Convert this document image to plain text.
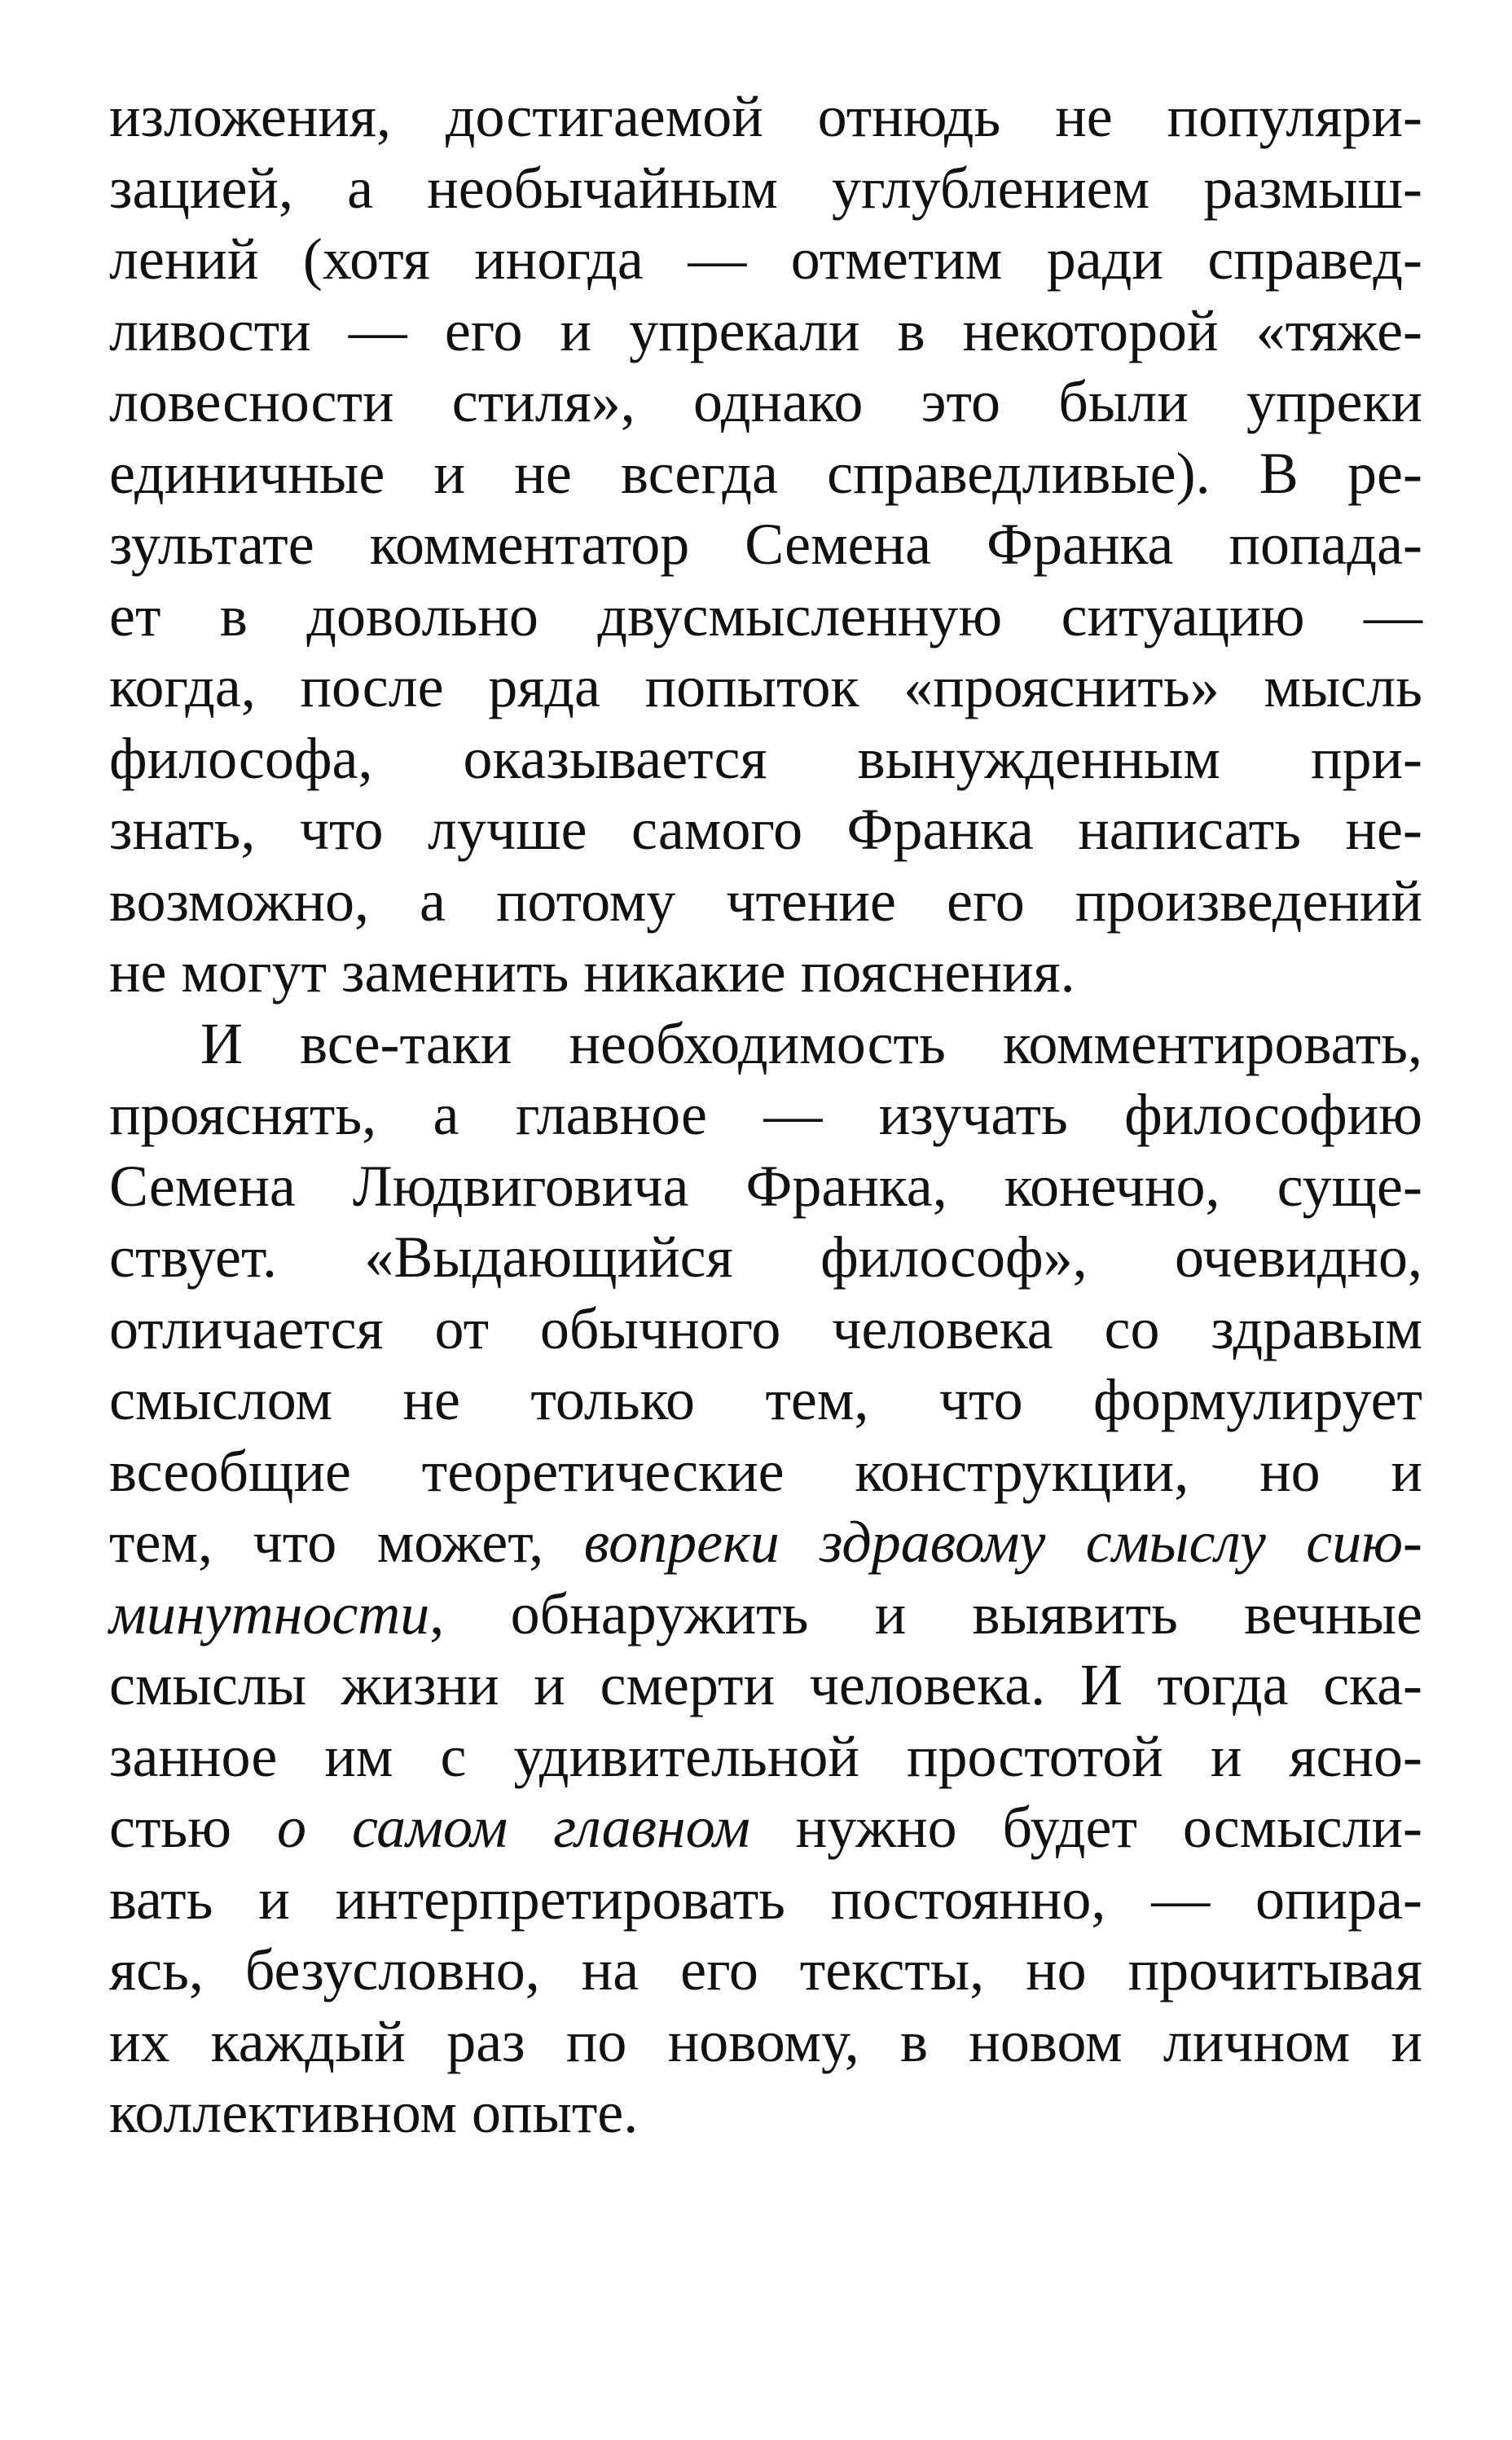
изложения, достигаемой отнюдь не популяри-
зацией, а необычайным углублением размыш-
лений (хотя иногда — отметим ради справед-
ливости — его и упрекали в некоторой «тяже-
ловесности стиля», однако это были упреки
единичные и не всегда справедливые). В ре-
зультате комментатор Семена Франка попада-
ет в довольно двусмысленную ситуацию —
когда, после ряда попыток «прояснить» мысль
философа, оказывается вынужденным при-
знать, что лучше самого Франка написать не-
возможно, а потому чтение его произведений
не могут заменить никакие пояснения.
И все-таки необходимость комментировать,
прояснять, а главное — изучать философию
Семена Людвиговича Франка, конечно, суще-
ствует. «Выдающийся философ», очевидно,
отличается от обычного человека со здравым
смыслом не только тем, что формулирует
всеобщие теоретические конструкции, но и
тем, что может, вопреки здравому смыслу сию-
минутности, обнаружить и выявить вечные
смыслы жизни и смерти человека. И тогда ска-
занное им с удивительной простотой и ясно-
стью о самом главном нужно будет осмысли-
вать и интерпретировать постоянно, — опира-
ясь, безусловно, на его тексты, но прочитывая
их каждый раз по новому, в новом личном и
коллективном опыте.
